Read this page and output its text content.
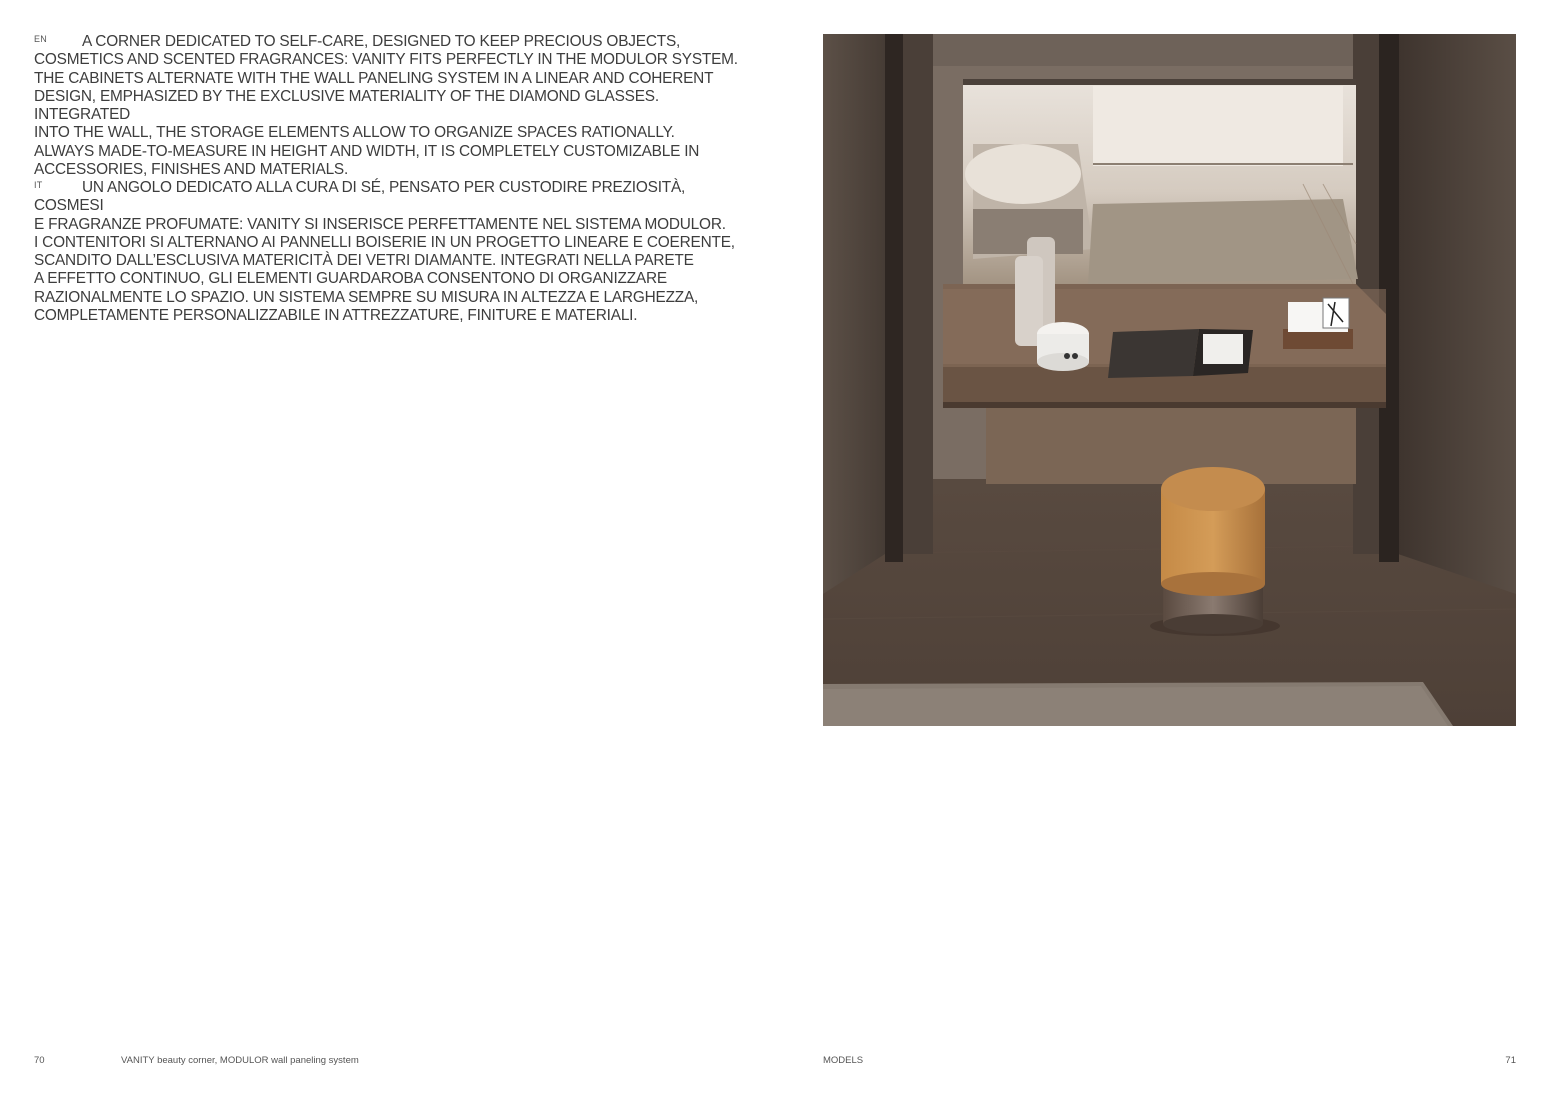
EN	A CORNER DEDICATED TO SELF-CARE, DESIGNED TO KEEP PRECIOUS OBJECTS,
COSMETICS AND SCENTED FRAGRANCES: VANITY FITS PERFECTLY IN THE MODULOR SYSTEM.
THE CABINETS ALTERNATE WITH THE WALL PANELING SYSTEM IN A LINEAR AND COHERENT
DESIGN, EMPHASIZED BY THE EXCLUSIVE MATERIALITY OF THE DIAMOND GLASSES. INTEGRATED
INTO THE WALL, THE STORAGE ELEMENTS ALLOW TO ORGANIZE SPACES RATIONALLY.
ALWAYS MADE-TO-MEASURE IN HEIGHT AND WIDTH, IT IS COMPLETELY CUSTOMIZABLE IN
ACCESSORIES, FINISHES AND MATERIALS.

IT	UN ANGOLO DEDICATO ALLA CURA DI SÉ, PENSATO PER CUSTODIRE PREZIOSITÀ, COSMESI
E FRAGRANZE PROFUMATE: VANITY SI INSERISCE PERFETTAMENTE NEL SISTEMA MODULOR.
I CONTENITORI SI ALTERNANO AI PANNELLI BOISERIE IN UN PROGETTO LINEARE E COERENTE,
SCANDITO DALL’ESCLUSIVA MATERICITÀ DEI VETRI DIAMANTE. INTEGRATI NELLA PARETE
A EFFETTO CONTINUO, GLI ELEMENTI GUARDAROBA CONSENTONO DI ORGANIZZARE
RAZIONALMENTE LO SPAZIO. UN SISTEMA SEMPRE SU MISURA IN ALTEZZA E LARGHEZZA,
COMPLETAMENTE PERSONALIZZABILE IN ATTREZZATURE, FINITURE E MATERIALI.

70	VANITY beauty corner, MODULOR wall paneling system	MODELS	71
